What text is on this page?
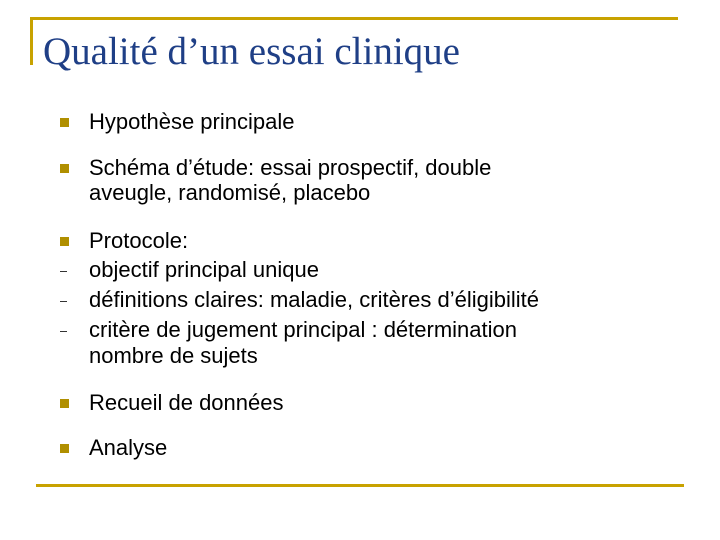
Qualité d’un essai clinique
Hypothèse principale
Schéma d’étude: essai prospectif, double
aveugle, randomisé, placebo
Protocole:
objectif principal unique
définitions claires: maladie, critères d’éligibilité
critère de jugement principal : détermination
nombre de sujets
Recueil de données
Analyse
